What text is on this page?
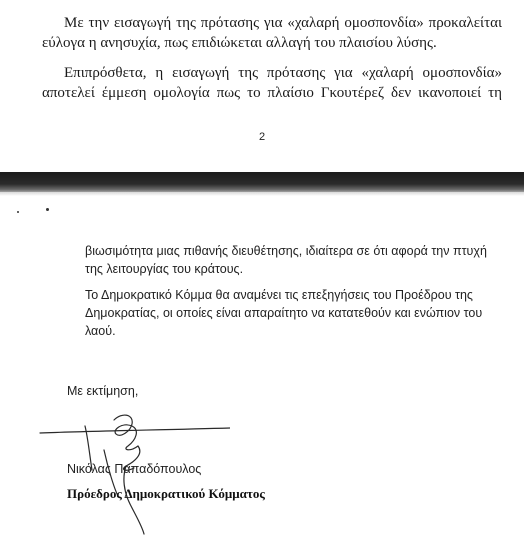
Με την εισαγωγή της πρότασης για «χαλαρή ομοσπονδία» προκαλείται
εύλογα η ανησυχία, πως επιδιώκεται αλλαγή του πλαισίου λύσης.

Επιπρόσθετα, η εισαγωγή της πρότασης για «χαλαρή ομοσπονδία»
αποτελεί έμμεση ομολογία πως το πλαίσιο Γκουτέρεζ δεν ικανοποιεί τη

2

βιωσιμότητα μιας πιθανής διευθέτησης, ιδιαίτερα σε ότι αφορά την πτυχή
της λειτουργίας του κράτους.

Το Δημοκρατικό Κόμμα θα αναμένει τις επεξηγήσεις του Προέδρου της
Δημοκρατίας, οι οποίες είναι απαραίτητο να κατατεθούν και ενώπιον του
λαού.

Με εκτίμηση,

Νικόλας Παπαδόπουλος
Πρόεδρος Δημοκρατικού Κόμματος
